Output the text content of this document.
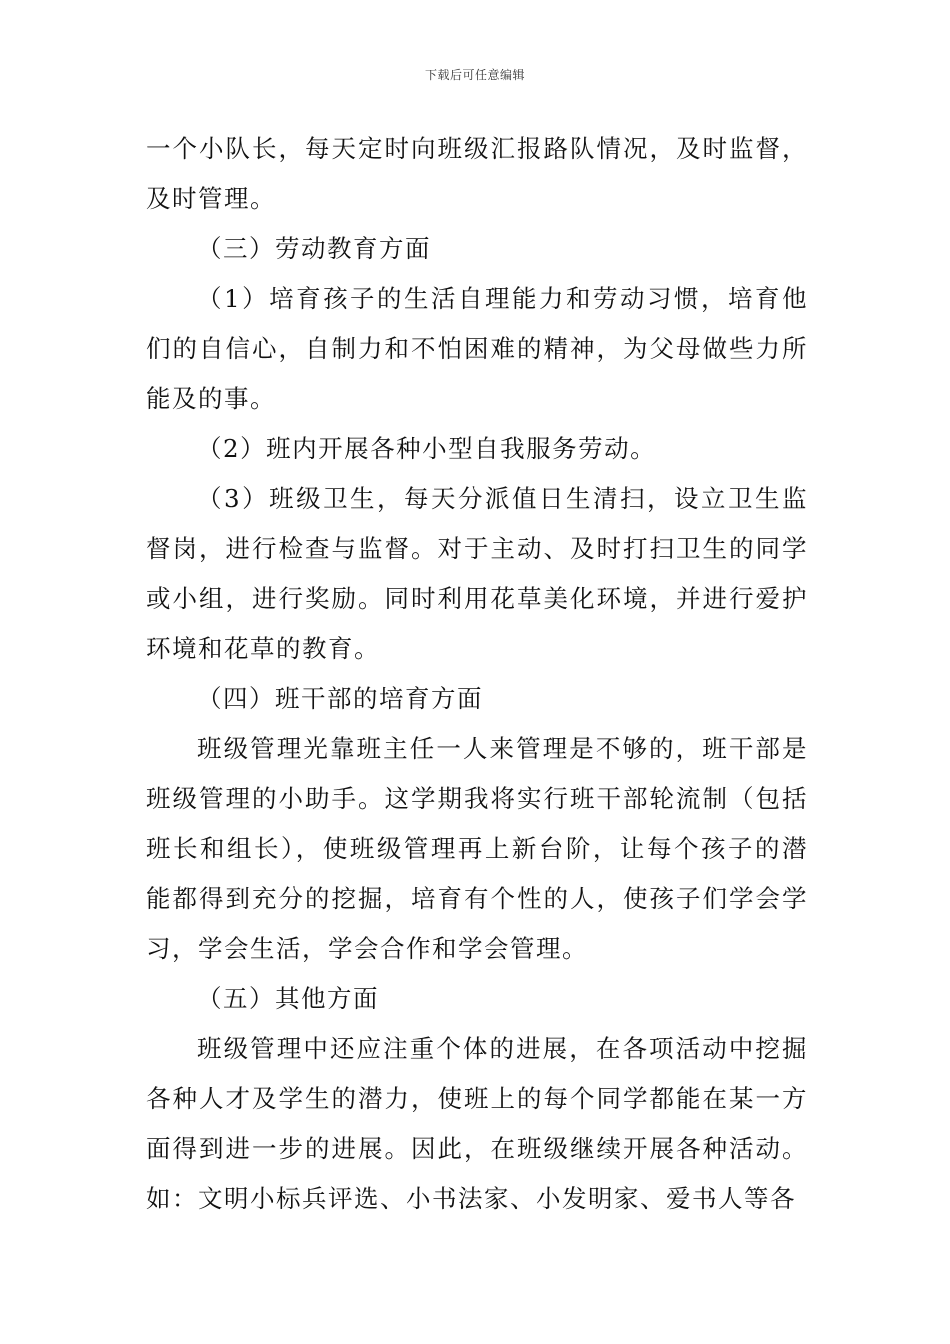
下载后可任意编辑

一个小队长，每天定时向班级汇报路队情况，及时监督，及时管理。

（三）劳动教育方面

（1）培育孩子的生活自理能力和劳动习惯，培育他们的自信心，自制力和不怕困难的精神，为父母做些力所能及的事。

（2）班内开展各种小型自我服务劳动。

（3）班级卫生，每天分派值日生清扫，设立卫生监督岗，进行检查与监督。对于主动、及时打扫卫生的同学或小组，进行奖励。同时利用花草美化环境，并进行爱护环境和花草的教育。

（四）班干部的培育方面

班级管理光靠班主任一人来管理是不够的，班干部是班级管理的小助手。这学期我将实行班干部轮流制（包括班长和组长），使班级管理再上新台阶，让每个孩子的潜能都得到充分的挖掘，培育有个性的人，使孩子们学会学习，学会生活，学会合作和学会管理。

（五）其他方面

班级管理中还应注重个体的进展，在各项活动中挖掘各种人才及学生的潜力，使班上的每个同学都能在某一方面得到进一步的进展。因此，在班级继续开展各种活动。如：文明小标兵评选、小书法家、小发明家、爱书人等各
